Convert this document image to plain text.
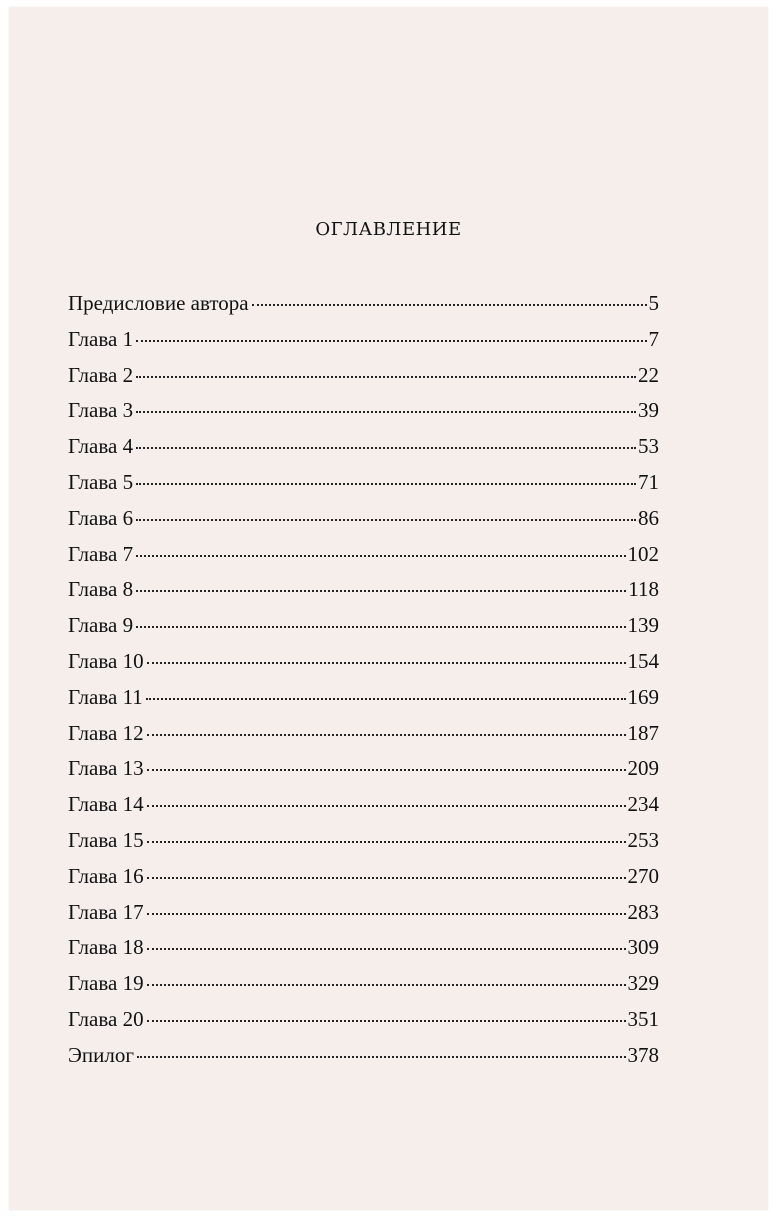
оглавление
Предисловие автора	5
Глава 1	7
Глава 2	22
Глава 3	39
Глава 4	53
Глава 5	71
Глава 6	86
Глава 7	102
Глава 8	118
Глава 9	139
Глава 10	154
Глава 11	169
Глава 12	187
Глава 13	209
Глава 14	234
Глава 15	253
Глава 16	270
Глава 17	283
Глава 18	309
Глава 19	329
Глава 20	351
Эпилог	378
